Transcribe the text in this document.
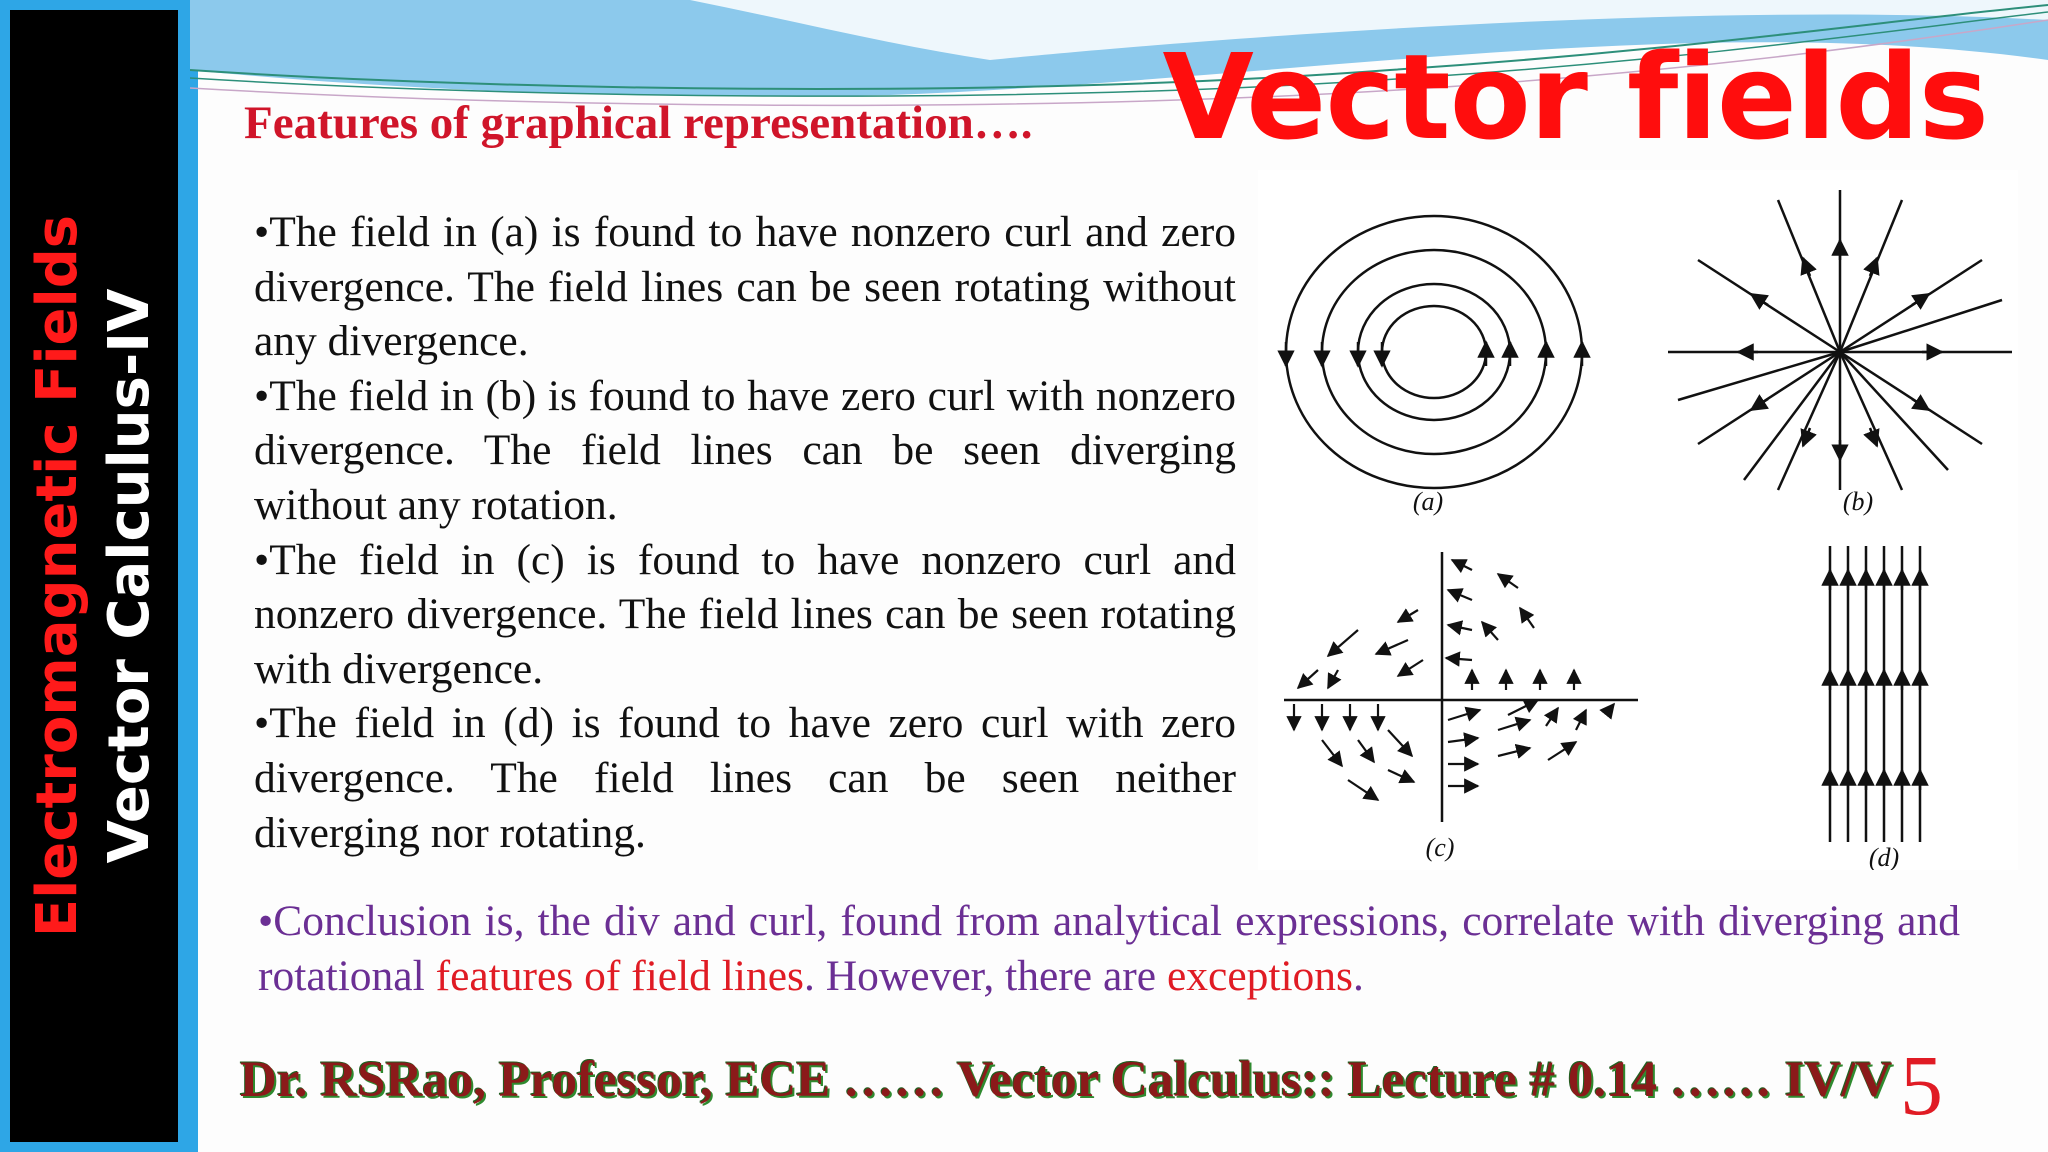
Electromagnetic Fields Vector Calculus-IV
Vector fields
Features of graphical representation….
•The field in (a) is found to have nonzero curl and zero divergence. The field lines can be seen rotating without any divergence.
•The field in (b) is found to have zero curl with nonzero divergence. The field lines can be seen diverging without any rotation.
•The field in (c) is found to have nonzero curl and nonzero divergence. The field lines can be seen rotating with divergence.
•The field in (d) is found to have zero curl with zero divergence. The field lines can be seen neither diverging nor rotating.
(a)	(b)
(c)	(d)

•Conclusion is, the div and curl, found from analytical expressions, correlate with diverging and rotational features of field lines. However, there are exceptions.

Dr. RSRao, Professor, ECE …… Vector Calculus:: Lecture # 0.14 …… IV/V 5
